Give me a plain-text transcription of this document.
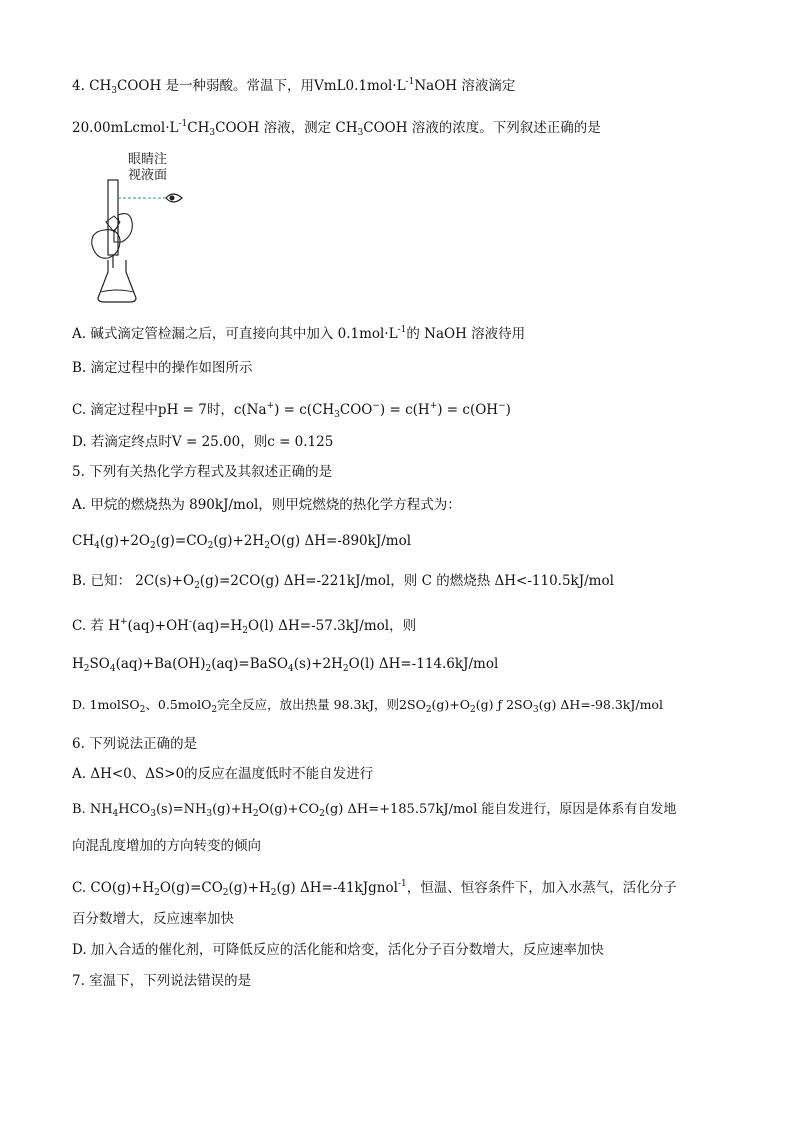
4. $CH_3COOH$ 是一种弱酸。常温下，用$VmL0.1mol\cdot L^{-1}NaOH$ 溶液滴定
$20.00mLcmol\cdot L^{-1}CH_3COOH$ 溶液，测定 $CH_3COOH$ 溶液的浓度。下列叙述正确的是
眼睛注
视液面
A. 碱式滴定管检漏之后，可直接向其中加入 $0.1mol\cdot L^{-1}$的 NaOH 溶液待用
B. 滴定过程中的操作如图所示
C. 滴定过程中pH = 7时，$c(Na^+) = c(CH_3COO^-) = c(H^+) = c(OH^-)$
D. 若滴定终点时V = 25.00，则c = 0.125
5. 下列有关热化学方程式及其叙述正确的是
A. 甲烷的燃烧热为 890kJ/mol，则甲烷燃烧的热化学方程式为：
$CH_4(g)+2O_2(g)=CO_2(g)+2H_2O(g)$ ΔH=-890kJ/mol
B. 已知： $2C(s)+O_2(g)=2CO(g)$ ΔH=-221kJ/mol，则 C 的燃烧热 ΔH<-110.5kJ/mol
C. 若 $H^+(aq)+OH^-(aq)=H_2O(l)$ ΔH=-57.3kJ/mol，则
$H_2SO_4(aq)+Ba(OH)_2(aq)=BaSO_4(s)+2H_2O(l)$ ΔH=-114.6kJ/mol
D. 1molSO$_2$、0.5molO$_2$完全反应，放出热量 98.3kJ，则$2SO_2(g)+O_2(g)$ ƒ $2SO_3(g)$ ΔH=-98.3kJ/mol
6. 下列说法正确的是
A. ΔH<0、ΔS>0的反应在温度低时不能自发进行
B. $NH_4HCO_3(s)=NH_3(g)+H_2O(g)+CO_2(g)$ ΔH=+185.57kJ/mol 能自发进行，原因是体系有自发地
向混乱度增加的方向转变的倾向
C. $CO(g)+H_2O(g)=CO_2(g)+H_2(g)$ ΔH=-41kJgnol$^{-1}$，恒温、恒容条件下，加入水蒸气，活化分子
百分数增大，反应速率加快
D. 加入合适的催化剂，可降低反应的活化能和焓变，活化分子百分数增大，反应速率加快
7. 室温下，下列说法错误的是
